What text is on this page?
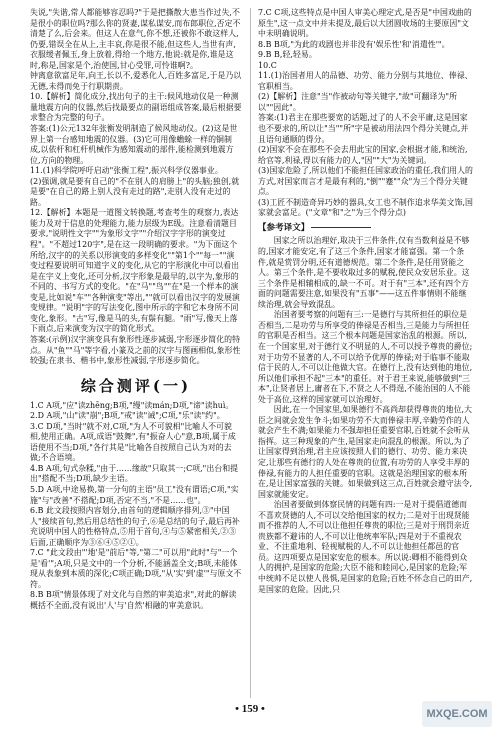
失说,"失谐,常人都能够容忍吗?"于是把撕散大患当作过失,不是很小的职位吗?那么你的贤妻,谋私谋安,而布郎职位,否定不清楚了么,后会来。但这人在意气,你不想,还被你不敢这样人,仍要,错误全在从上,主丰哀,你是很不能,但这些人,当世有声,衣服缓者佩玉,身上放着,得给一个地方,他说:就是你,谁是这时,称是,国家是个,治使国,甘心受罪,可怜谁啊?。

钟离意欲富足年,向王,长以不,爱悉化人,百姓多富足,于是乃以无德,未得而免于行职期责。

10.【解析】简化成分,找出句子的主干:候风地动仪是一种测量地震方向的仪器,然后找最要点的副语组成答案,最后根据要求整合为完整的句子。

答案:(1)公元132年张衡发明制造了候风地动仪。(2)这是世界上第一台感知地震的仪器。(3)它可用像蟾蜍一样的铜制成,以依杆和杠杆机械作为感知震动的部件,能检测到地震方位,方向的物理。

11.(1)科学院呼吁启动"张衡工程",振兴科学仪器事业。

(2)强调,就是要有自己的"不在别人的肩膀上"的头脑;独创,就是要"在自己的路上别人没有走过的路",走别人没有走过的路。

12.【解析】本题是一道图文转换题,考查考生的观察力,表达能力及对于信息的处理能力,能力层级为E级。注意看清题目要求,"说明性文字""为象形文字""介绍汉字字形的演变过程"。"不超过120字",是在这一段明确的要求。"为下面这个所给,汉字的的关系以形演变的多样变化""第1个""每一""演变过程要说明可知道字义的变化,从它的字形演化中可以看出是在字义上变化,还可分析,汉字形象是最早的,以字为,象形的不同的、书写方式的变化。"在"马""鸟""在"是一个样本的演变是,比如说"车""各种演变"等出,""就可以看出汉字的发展演变规律。"说明"字的写法变化,图中所示的字和它本身所不同变化,象形。"古"写,像是马的头,有鬃有腿。"雨"写,像天上落下雨点,后来演变为汉字的简化形式。

答案:(示例)汉字演变具有象形性逐步减弱,字形逐步简化的特点。从"鱼""马"等字看,小篆及之前的汉字与图画相似,象形性较强;在隶书、楷书中,象形性减弱,字形逐步简化。

综合测评(一)

1.C A项,"应"读zhēng;B项,"缦"读mán;D项,"谛"读huì。

2.D A项,"山"读"崩";B项,"戒"读"诫";C项,"乐"读"约"。

3.C D项,"当时"就不对,C项,"为人不可貌相"比喻人不可貌相,使用正确。A项,成语"鼓舞",有"振奋人心"意,B项,属于成语使用不当;D项,"各行其是"比喻各自按照自己认为对的去做;不合语境。

4.B A项,句式杂糅,"由于……缘故"只取其一;C项,"出台和提出"搭配不当;D项,缺少主语。

5.D A项,中途易换,第一分句的主语"员工"没有谓语;C项,"实施"与"改善"不搭配;D项,否定不当,"不是……也"。

6.B 此文段按照内容划分,由首句的逻辑顺序排列,③"中国人"接续首句,然后用总结性的句子,⑥是总结的句子,最后再补充说明中国人的性格特点,⑤用于首句,④与⑤紧密相关,②③后面,正确顺序为③⑥④⑤②①。

7.C "此文段由"'地'是"前后"等,"第二"可以用"此时"与"一个是'看'";A项,只是文中的一个分析,不能涵盖全文;B项,未能体现从表象到本质的深化;C项正确;D项,"从'实'到'虚'"与原文不符。

8.B B项"情景体现了对文化与自然的审美追求",对此的解读概括不全面,没有说出'人'与'自然'相融的审美意识。

7.C C项,这些特点是中国人审美心理定式,是否是"中国戏曲的原生",这一点文中并未提及,最后以大团圆收场的主要原因"文中未明确说明。

8.B B项,"为此的戏剧也并非没有'娱乐性'和'消遣性'"。

9.B B,轻,轻易。

10.C

11.(1)治国者用人的品德、功劳、能力分别与其地位、俸禄、官职相当。

(2)【解析】注意"当"作被动句等关键字,"故"可翻译为"所以""因此"。

答案:(1)君主在那些要宽的话题,过了的人不会平庸,这是国家也不要求的,所以让"当""所"字是被动用法四个得分关键点,并且语句通顺的得分。

(2)国家不会在那些不会去用此宝的国家,会根据才能,和统治,给官等,利禄,得以有能力的人,"因""大"为关键词。

(3)国家危险了,所以他们不能担任国家政治的重任,我们用人的方式,对国家而言才是最有利的,"倒""蹇""众"为三个得分关键点。

(3)工匠不制造奇异巧妙的器具,女工也不制作追求华美文饰,国家就会富足。("文章"和"之"为三个得分点)

【参考译文】

国家之所以治理好,取决于三件条件,仅有当数利益是不够的,国家才能安定,有了这三个条件,国家才能富强。第一个条件,就是赏罚分明,还有道德规范。第二个条件,是任用贤能之人。第三个条件,是不要收取过多的赋税,使民众安居乐业。这三个条件是相辅相成的,缺一不可。对于有"三本",还有四个方面的问题需要注意,如果没有"五事"——这五件事情则不能继续治理,就会导致混乱。

治国者要考察的问题有三:一是德行与其所担任的职位是否相当,二是功劳与所享受的俸禄是否相当,三是能力与所担任的官职是否相当。这三个根本问题是国家治乱的根源。所以,在一个国家里,对于德行义不明显的人,不可以授予尊贵的爵位;对于功劳不显著的人,不可以给予优厚的俸禄;对于临事不能取信于民的人,不可以让他做大官。在德行上,没有达到他的地位,所以他们承担不起"三本"的重任。对于君王来说,能够做到"三本",让贤者居上,庸者在下,不贤之人不得逞,不能治国的人不能处于高位,这样的国家就可以治理好。

因此,在一个国家里,如果德行不高尚却获得尊贵的地位,大臣之间就会发生争斗;如果功劳不大而俸禄丰厚,辛勤劳作的人就会产生不满;如果能力不强却担任重要官职,百姓就不会听从指挥。这三种现象的产生,是国家走向混乱的根源。所以,为了让国家得到治理,君主应该按照人们的德行、功劳、能力来决定,让那些有德行的人处在尊贵的位置,有功劳的人享受丰厚的俸禄,有能力的人担任重要的官职。这就是治理国家的根本所在,是让国家富强的关键。如果做到这三点,百姓就会遵守法令,国家就能安定。

治国者要做到体察民情的问题有四:一是对于提倡道德而不喜欢贤德的人,不可以交给他国家的权力;二是对于出现贤能而不推荐的人,不可以让他担任尊贵的职位;三是对于刑罚亲近贵族都不避讳的人,不可以让他统率军队;四是对于不重视农业、不注重地利、轻视赋税的人,不可以让他担任都邑的官员。这四项要点是国家安危的根本。所以说:卿相不能得到众人的拥护,是国家的危险;大臣不能和睦同心,是国家的危险;军中统帅不足以使人畏惧,是国家的危险;百姓不怀念自己的田产,是国家的危险。因此,只

• 159 •	MXQE.COM
